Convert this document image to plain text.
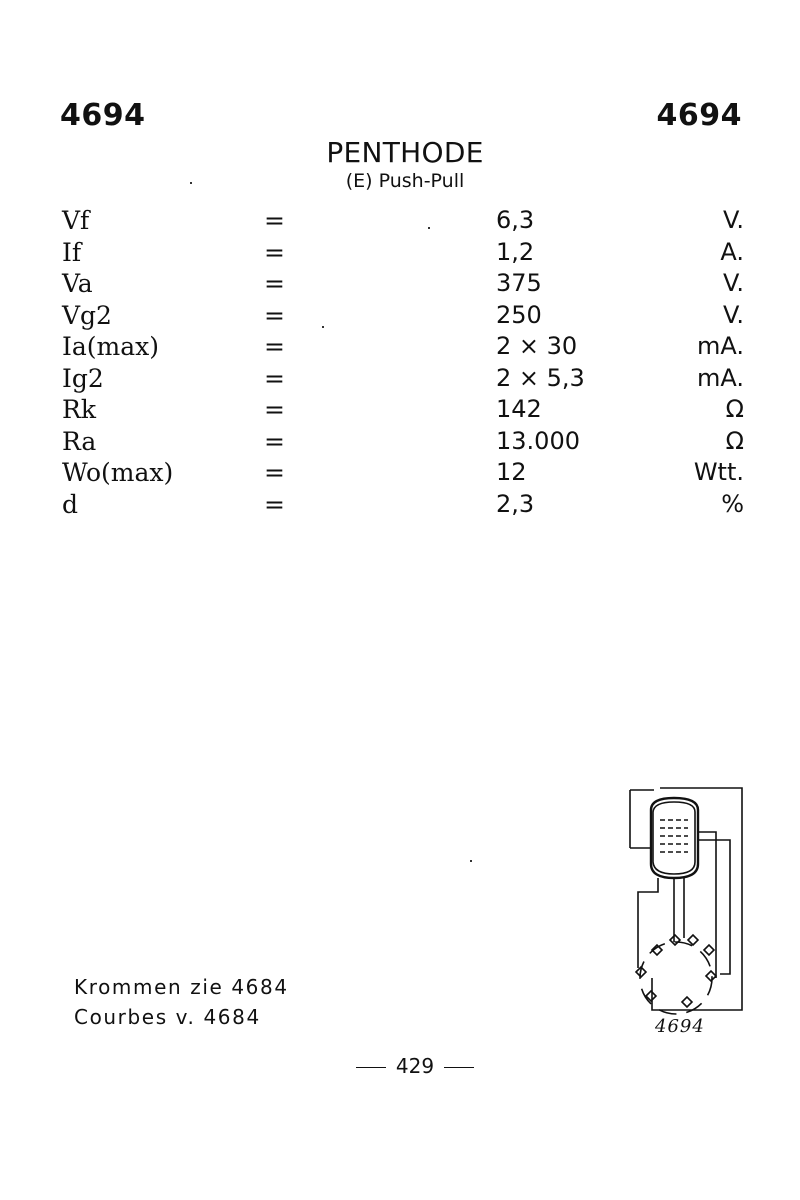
4694	4694
PENTHODE
(E) Push-Pull
Vf	=	6,3	V.
If	=	1,2	A.
Va	=	375	V.
Vg2	=	250	V.
Ia(max)	=	2 × 30	mA.
Ig2	=	2 × 5,3	mA.
Rk	=	142	Ω
Ra	=	13.000	Ω
Wo(max)	=	12	Wtt.
d	=	2,3	%
Krommen zie 4684
Courbes v. 4684	4694
429
